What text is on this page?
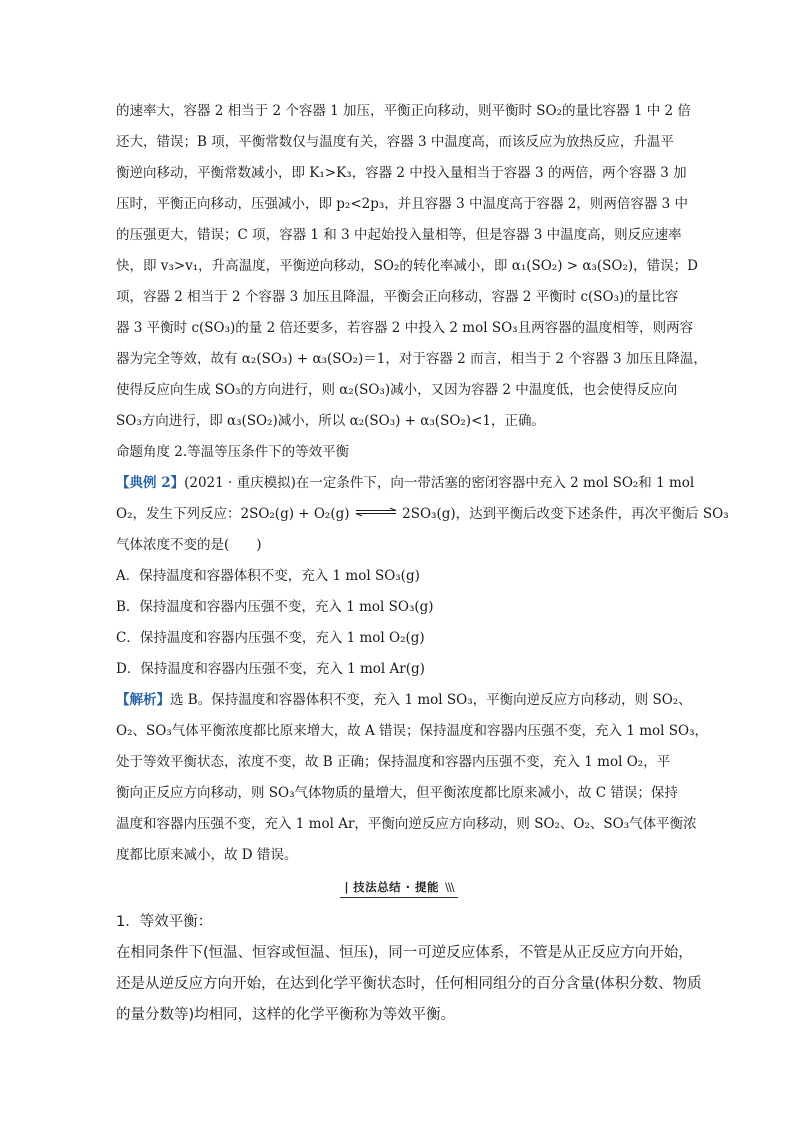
的速率大，容器 2 相当于 2 个容器 1 加压，平衡正向移动，则平衡时 SO₂的量比容器 1 中 2 倍
还大，错误；B 项，平衡常数仅与温度有关，容器 3 中温度高，而该反应为放热反应，升温平
衡逆向移动，平衡常数减小，即 K₁>K₃，容器 2 中投入量相当于容器 3 的两倍，两个容器 3 加
压时，平衡正向移动，压强减小，即 p₂<2p₃，并且容器 3 中温度高于容器 2，则两倍容器 3 中
的压强更大，错误；C 项，容器 1 和 3 中起始投入量相等，但是容器 3 中温度高，则反应速率
快，即 v₃>v₁，升高温度，平衡逆向移动，SO₂的转化率减小，即 α₁(SO₂) > α₃(SO₂)，错误；D
项，容器 2 相当于 2 个容器 3 加压且降温，平衡会正向移动，容器 2 平衡时 c(SO₃)的量比容
器 3 平衡时 c(SO₃)的量 2 倍还要多，若容器 2 中投入 2 mol SO₃且两容器的温度相等，则两容
器为完全等效，故有 α₂(SO₃) + α₃(SO₂)＝1，对于容器 2 而言，相当于 2 个容器 3 加压且降温，
使得反应向生成 SO₃的方向进行，则 α₂(SO₃)减小，又因为容器 2 中温度低，也会使得反应向
SO₃方向进行，即 α₃(SO₂)减小，所以 α₂(SO₃) + α₃(SO₂)<1，正确。
命题角度 2.等温等压条件下的等效平衡
【典例 2】(2021 · 重庆模拟)在一定条件下，向一带活塞的密闭容器中充入 2 mol SO₂和 1 mol
O₂，发生下列反应：2SO₂(g) + O₂(g) ⇌ 2SO₃(g)，达到平衡后改变下述条件，再次平衡后 SO₃
气体浓度不变的是(　　)
A．保持温度和容器体积不变，充入 1 mol SO₃(g)
B．保持温度和容器内压强不变，充入 1 mol SO₃(g)
C．保持温度和容器内压强不变，充入 1 mol O₂(g)
D．保持温度和容器内压强不变，充入 1 mol Ar(g)
【解析】选 B。保持温度和容器体积不变，充入 1 mol SO₃，平衡向逆反应方向移动，则 SO₂、
O₂、SO₃气体平衡浓度都比原来增大，故 A 错误；保持温度和容器内压强不变，充入 1 mol SO₃，
处于等效平衡状态，浓度不变，故 B 正确；保持温度和容器内压强不变，充入 1 mol O₂，平
衡向正反应方向移动，则 SO₃气体物质的量增大，但平衡浓度都比原来减小，故 C 错误；保持
温度和容器内压强不变，充入 1 mol Ar，平衡向逆反应方向移动，则 SO₂、O₂、SO₃气体平衡浓
度都比原来减小，故 D 错误。
| 技法总结 · 提能 \\\
1．等效平衡：
在相同条件下(恒温、恒容或恒温、恒压)，同一可逆反应体系，不管是从正反应方向开始，
还是从逆反应方向开始，在达到化学平衡状态时，任何相同组分的百分含量(体积分数、物质
的量分数等)均相同，这样的化学平衡称为等效平衡。
